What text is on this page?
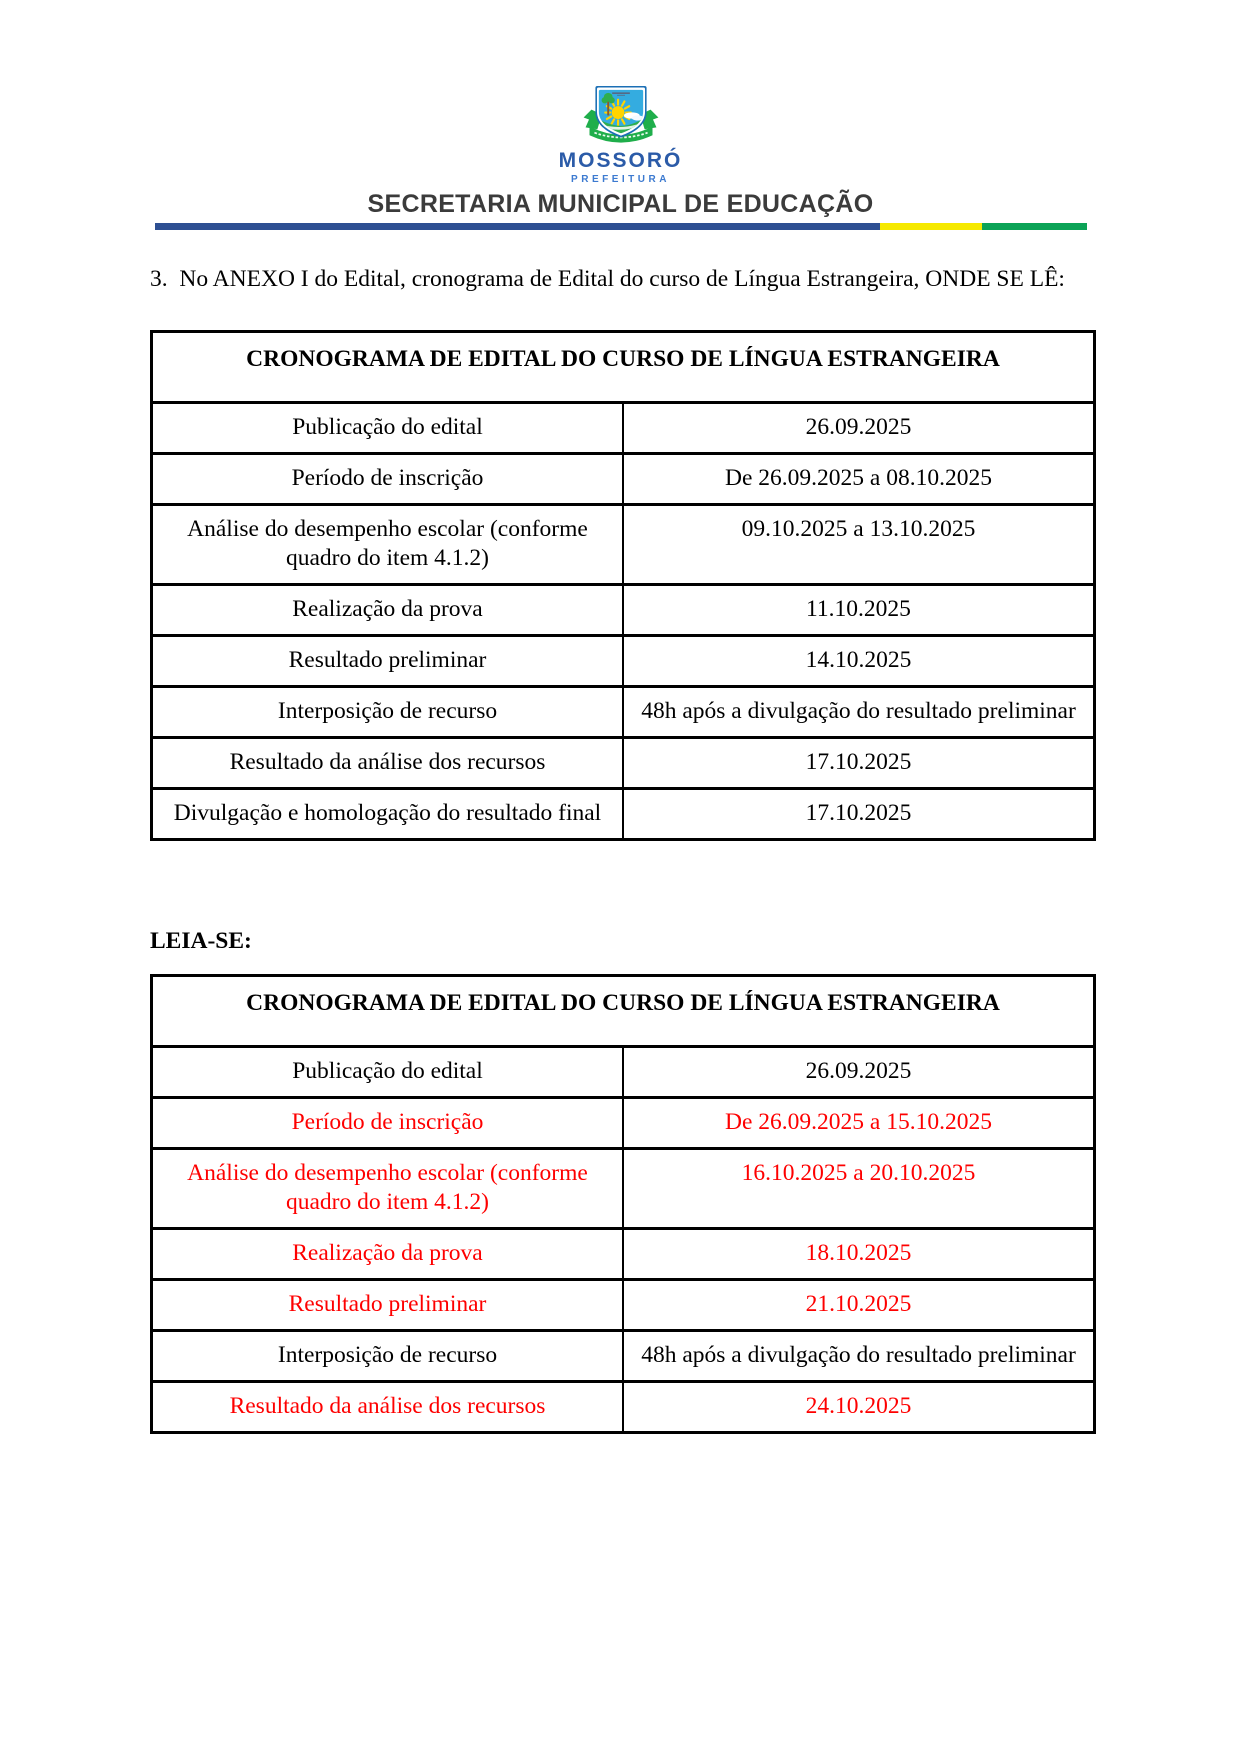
MOSSORÓ
PREFEITURA
SECRETARIA MUNICIPAL DE EDUCAÇÃO

3.  No ANEXO I do Edital, cronograma de Edital do curso de Língua Estrangeira, ONDE SE LÊ:

CRONOGRAMA DE EDITAL DO CURSO DE LÍNGUA ESTRANGEIRA	
Publicação do edital	26.09.2025
Período de inscrição	De 26.09.2025 a 08.10.2025
Análise do desempenho escolar (conforme quadro do item 4.1.2)	09.10.2025 a 13.10.2025
Realização da prova	11.10.2025
Resultado preliminar	14.10.2025
Interposição de recurso	48h após a divulgação do resultado preliminar
Resultado da análise dos recursos	17.10.2025
Divulgação e homologação do resultado final	17.10.2025

LEIA-SE:

CRONOGRAMA DE EDITAL DO CURSO DE LÍNGUA ESTRANGEIRA	
Publicação do edital	26.09.2025
Período de inscrição	De 26.09.2025 a 15.10.2025
Análise do desempenho escolar (conforme quadro do item 4.1.2)	16.10.2025 a 20.10.2025
Realização da prova	18.10.2025
Resultado preliminar	21.10.2025
Interposição de recurso	48h após a divulgação do resultado preliminar
Resultado da análise dos recursos	24.10.2025
